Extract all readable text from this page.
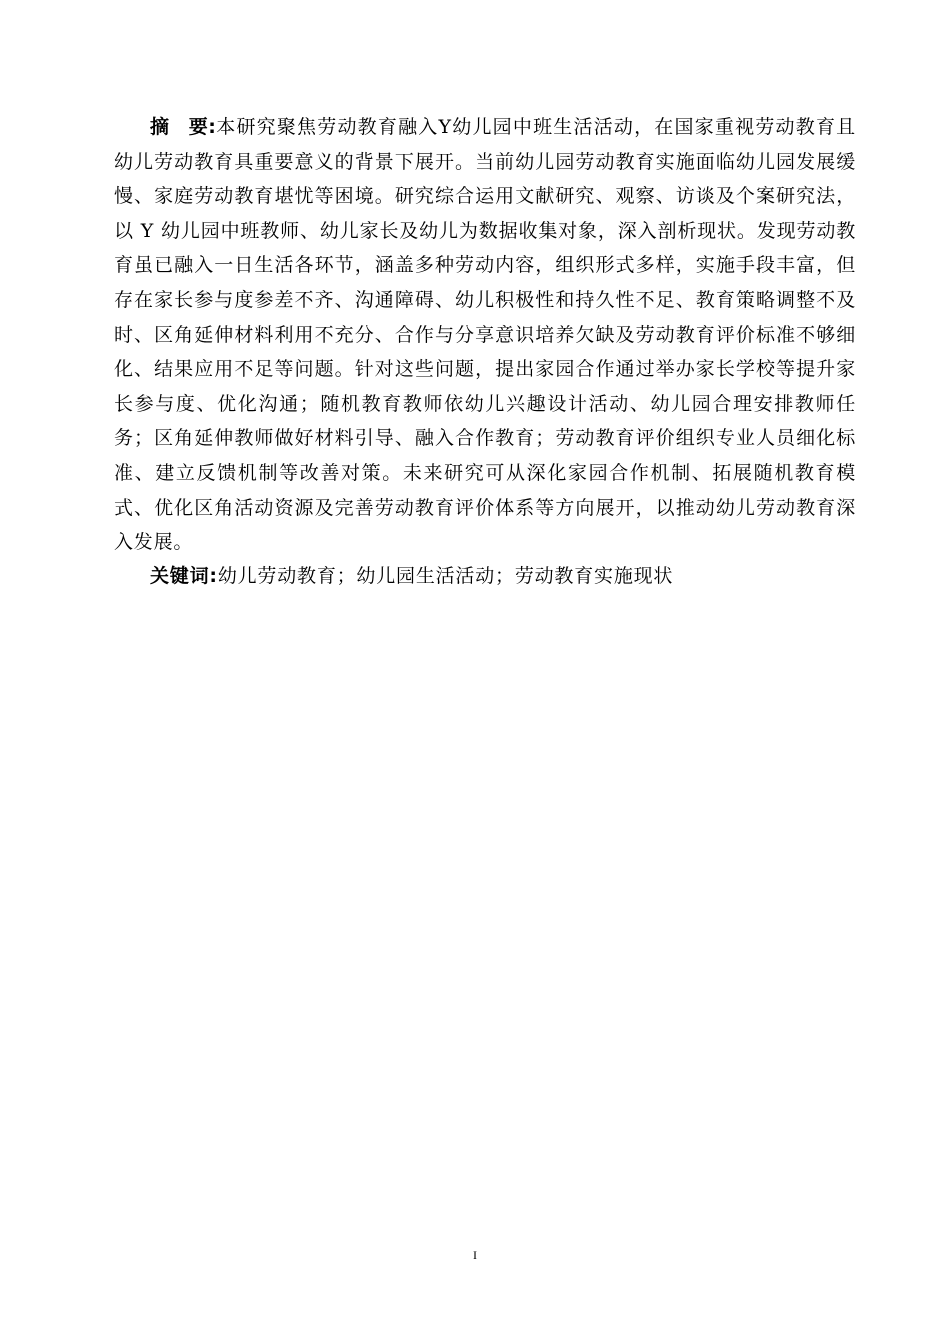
摘 要:本研究聚焦劳动教育融入Y幼儿园中班生活活动，在国家重视劳动教育且幼儿劳动教育具重要意义的背景下展开。当前幼儿园劳动教育实施面临幼儿园发展缓慢、家庭劳动教育堪忧等困境。研究综合运用文献研究、观察、访谈及个案研究法，以 Y 幼儿园中班教师、幼儿家长及幼儿为数据收集对象，深入剖析现状。发现劳动教育虽已融入一日生活各环节，涵盖多种劳动内容，组织形式多样，实施手段丰富，但存在家长参与度参差不齐、沟通障碍、幼儿积极性和持久性不足、教育策略调整不及时、区角延伸材料利用不充分、合作与分享意识培养欠缺及劳动教育评价标准不够细化、结果应用不足等问题。针对这些问题，提出家园合作通过举办家长学校等提升家长参与度、优化沟通；随机教育教师依幼儿兴趣设计活动、幼儿园合理安排教师任务；区角延伸教师做好材料引导、融入合作教育；劳动教育评价组织专业人员细化标准、建立反馈机制等改善对策。未来研究可从深化家园合作机制、拓展随机教育模式、优化区角活动资源及完善劳动教育评价体系等方向展开，以推动幼儿劳动教育深入发展。

关键词:幼儿劳动教育；幼儿园生活活动；劳动教育实施现状

I
